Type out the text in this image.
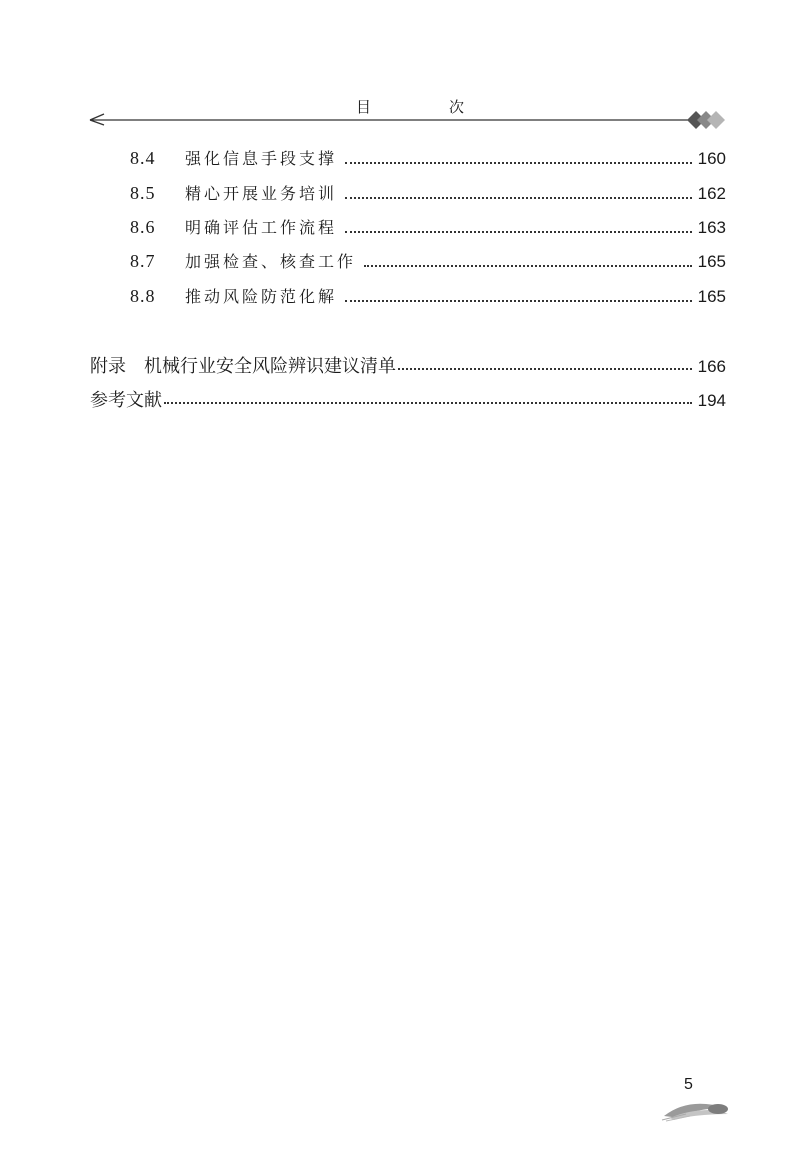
目	次
8.4	强化信息手段支撑	160
8.5	精心开展业务培训	162
8.6	明确评估工作流程	163
8.7	加强检查、核查工作	165
8.8	推动风险防范化解	165
附录　机械行业安全风险辨识建议清单	166
参考文献	194
5
